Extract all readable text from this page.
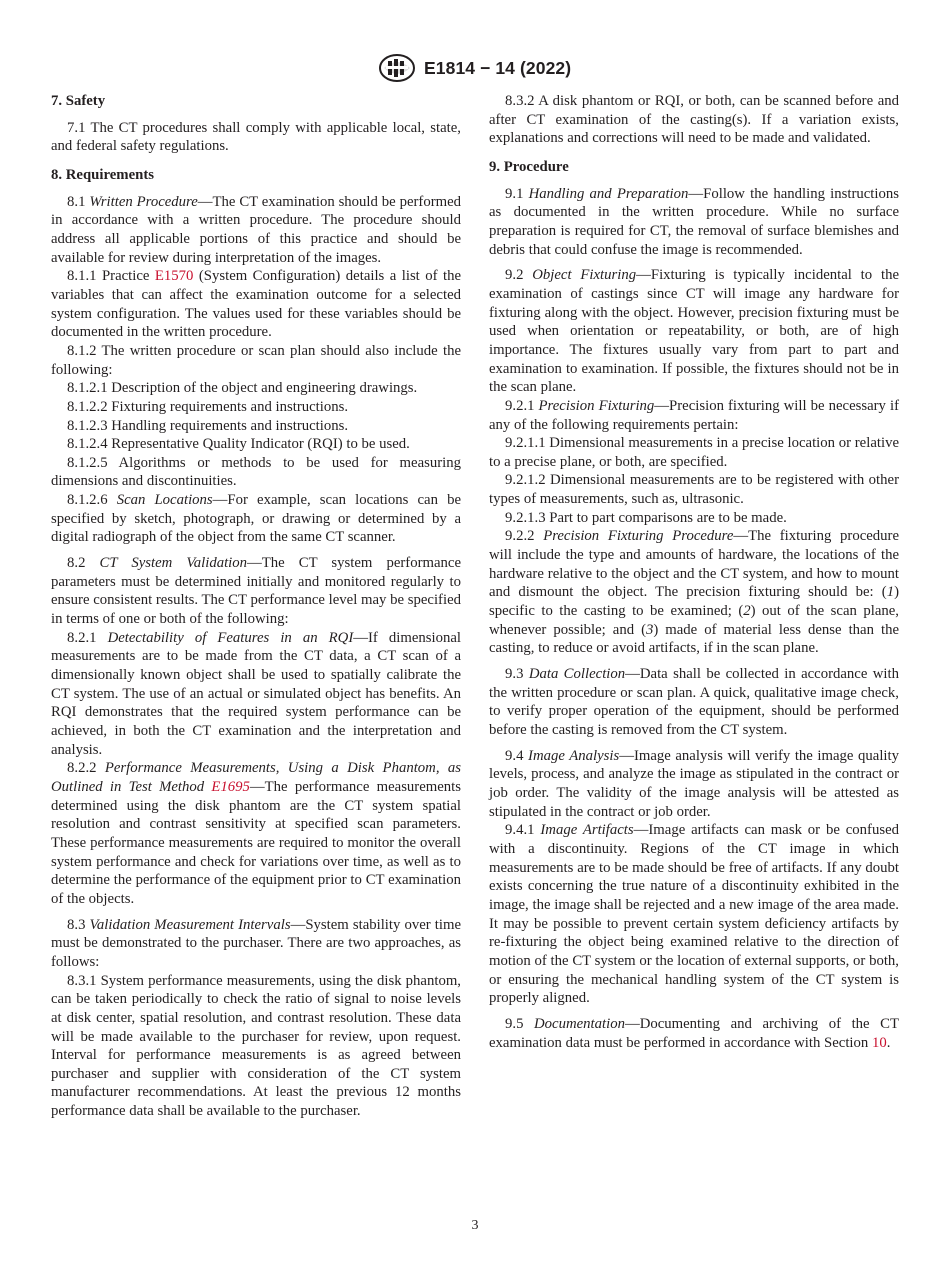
E1814 − 14 (2022)
7. Safety

7.1 The CT procedures shall comply with applicable local, state, and federal safety regulations.

8. Requirements

8.1 Written Procedure—The CT examination should be performed in accordance with a written procedure. The procedure should address all applicable portions of this practice and should be available for review during interpretation of the images.

8.1.1 Practice E1570 (System Configuration) details a list of the variables that can affect the examination outcome for a selected system configuration. The values used for these variables should be documented in the written procedure.

8.1.2 The written procedure or scan plan should also include the following:

8.1.2.1 Description of the object and engineering drawings.

8.1.2.2 Fixturing requirements and instructions.

8.1.2.3 Handling requirements and instructions.

8.1.2.4 Representative Quality Indicator (RQI) to be used.

8.1.2.5 Algorithms or methods to be used for measuring dimensions and discontinuities.

8.1.2.6 Scan Locations—For example, scan locations can be specified by sketch, photograph, or drawing or determined by a digital radiograph of the object from the same CT scanner.

8.2 CT System Validation—The CT system performance parameters must be determined initially and monitored regularly to ensure consistent results. The CT performance level may be specified in terms of one or both of the following:

8.2.1 Detectability of Features in an RQI—If dimensional measurements are to be made from the CT data, a CT scan of a dimensionally known object shall be used to spatially calibrate the CT system. The use of an actual or simulated object has benefits. An RQI demonstrates that the required system performance can be achieved, in both the CT examination and the interpretation and analysis.

8.2.2 Performance Measurements, Using a Disk Phantom, as Outlined in Test Method E1695—The performance measurements determined using the disk phantom are the CT system spatial resolution and contrast sensitivity at specified scan parameters. These performance measurements are required to monitor the overall system performance and check for variations over time, as well as to determine the performance of the equipment prior to CT examination of the objects.

8.3 Validation Measurement Intervals—System stability over time must be demonstrated to the purchaser. There are two approaches, as follows:

8.3.1 System performance measurements, using the disk phantom, can be taken periodically to check the ratio of signal to noise levels at disk center, spatial resolution, and contrast resolution. These data will be made available to the purchaser for review, upon request. Interval for performance measurements is as agreed between purchaser and supplier with consideration of the CT system manufacturer recommendations. At least the previous 12 months performance data shall be available to the purchaser.

8.3.2 A disk phantom or RQI, or both, can be scanned before and after CT examination of the casting(s). If a variation exists, explanations and corrections will need to be made and validated.

9. Procedure

9.1 Handling and Preparation—Follow the handling instructions as documented in the written procedure. While no surface preparation is required for CT, the removal of surface blemishes and debris that could confuse the image is recommended.

9.2 Object Fixturing—Fixturing is typically incidental to the examination of castings since CT will image any hardware for fixturing along with the object. However, precision fixturing must be used when orientation or repeatability, or both, are of high importance. The fixtures usually vary from part to part and examination to examination. If possible, the fixtures should not be in the scan plane.

9.2.1 Precision Fixturing—Precision fixturing will be necessary if any of the following requirements pertain:

9.2.1.1 Dimensional measurements in a precise location or relative to a precise plane, or both, are specified.

9.2.1.2 Dimensional measurements are to be registered with other types of measurements, such as, ultrasonic.

9.2.1.3 Part to part comparisons are to be made.

9.2.2 Precision Fixturing Procedure—The fixturing procedure will include the type and amounts of hardware, the locations of the hardware relative to the object and the CT system, and how to mount and dismount the object. The precision fixturing should be: (1) specific to the casting to be examined; (2) out of the scan plane, whenever possible; and (3) made of material less dense than the casting, to reduce or avoid artifacts, if in the scan plane.

9.3 Data Collection—Data shall be collected in accordance with the written procedure or scan plan. A quick, qualitative image check, to verify proper operation of the equipment, should be performed before the casting is removed from the CT system.

9.4 Image Analysis—Image analysis will verify the image quality levels, process, and analyze the image as stipulated in the contract or job order. The validity of the image analysis will be attested as stipulated in the contract or job order.

9.4.1 Image Artifacts—Image artifacts can mask or be confused with a discontinuity. Regions of the CT image in which measurements are to be made should be free of artifacts. If any doubt exists concerning the true nature of a discontinuity exhibited in the image, the image shall be rejected and a new image of the area made. It may be possible to prevent certain system deficiency artifacts by re-fixturing the object being examined relative to the direction of motion of the CT system or the location of external supports, or both, or ensuring the mechanical handling system of the CT system is properly aligned.

9.5 Documentation—Documenting and archiving of the CT examination data must be performed in accordance with Section 10.

3
